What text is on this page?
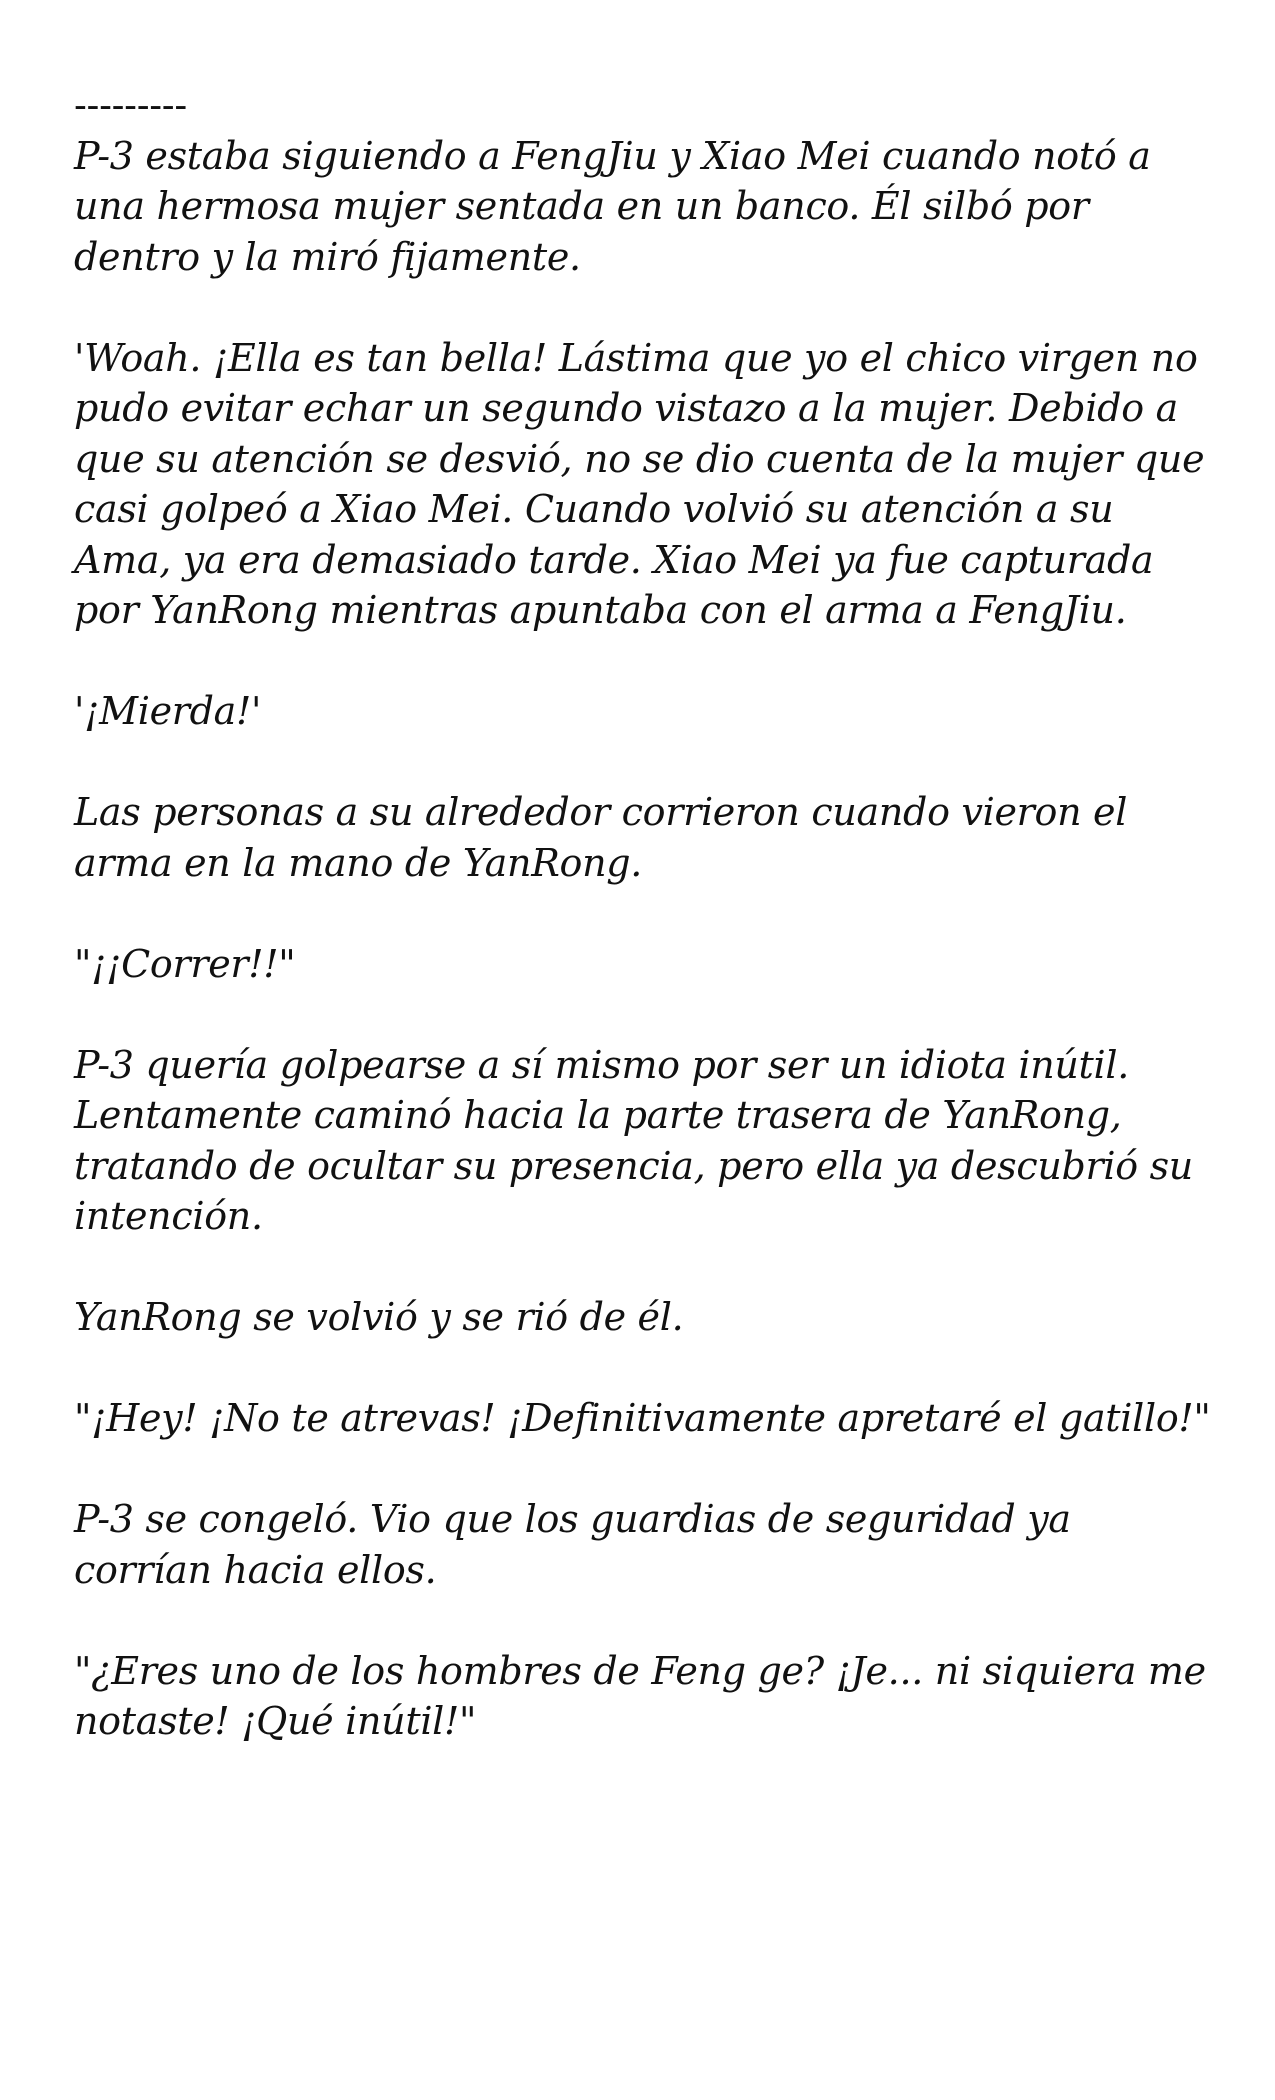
---------

P-3 estaba siguiendo a FengJiu y Xiao Mei cuando notó a una hermosa mujer sentada en un banco. Él silbó por dentro y la miró fijamente.

'Woah. ¡Ella es tan bella! Lástima que yo el chico virgen no pudo evitar echar un segundo vistazo a la mujer. Debido a que su atención se desvió, no se dio cuenta de la mujer que casi golpeó a Xiao Mei. Cuando volvió su atención a su Ama, ya era demasiado tarde. Xiao Mei ya fue capturada por YanRong mientras apuntaba con el arma a FengJiu.

'¡Mierda!'

Las personas a su alrededor corrieron cuando vieron el arma en la mano de YanRong.

"¡¡Correr!!"

P-3 quería golpearse a sí mismo por ser un idiota inútil. Lentamente caminó hacia la parte trasera de YanRong, tratando de ocultar su presencia, pero ella ya descubrió su intención.

YanRong se volvió y se rió de él.

"¡Hey! ¡No te atrevas! ¡Definitivamente apretaré el gatillo!"

P-3 se congeló. Vio que los guardias de seguridad ya corrían hacia ellos.

"¿Eres uno de los hombres de Feng ge? ¡Je... ni siquiera me notaste! ¡Qué inútil!"
